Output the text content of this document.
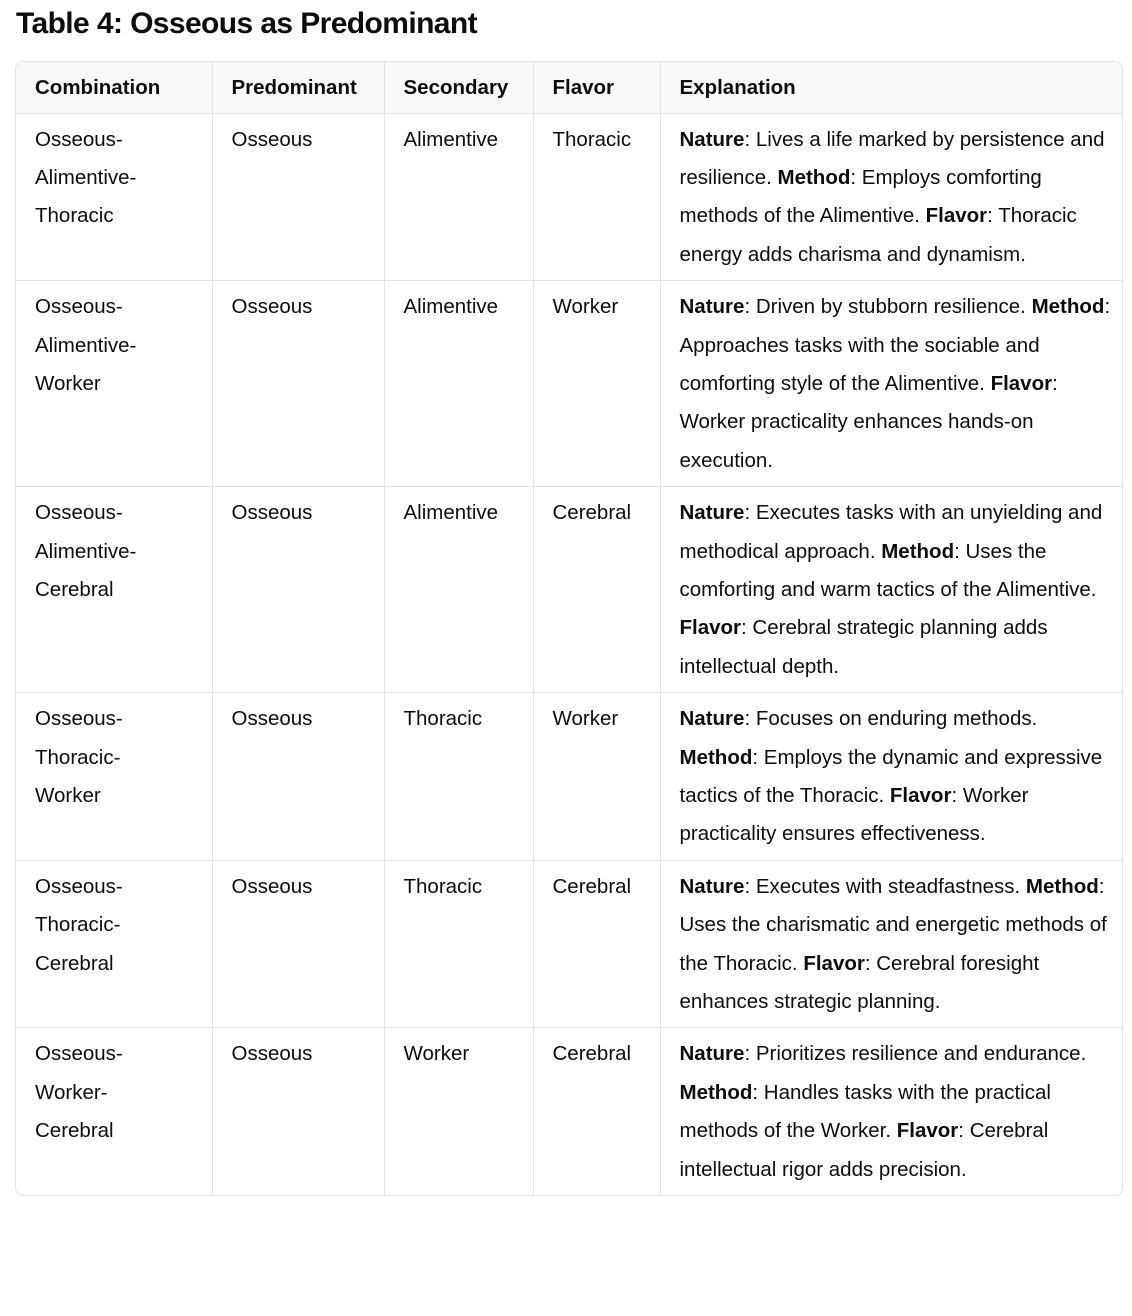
Table 4: Osseous as Predominant
Combination	Predominant	Secondary	Flavor	Explanation
Osseous-
Alimentive-
Thoracic	Osseous	Alimentive	Thoracic	Nature: Lives a life marked by persistence and resilience. Method: Employs comforting methods of the Alimentive. Flavor: Thoracic energy adds charisma and dynamism.
Osseous-
Alimentive-
Worker	Osseous	Alimentive	Worker	Nature: Driven by stubborn resilience. Method: Approaches tasks with the sociable and comforting style of the Alimentive. Flavor: Worker practicality enhances hands-on execution.
Osseous-
Alimentive-
Cerebral	Osseous	Alimentive	Cerebral	Nature: Executes tasks with an unyielding and methodical approach. Method: Uses the comforting and warm tactics of the Alimentive. Flavor: Cerebral strategic planning adds intellectual depth.
Osseous-
Thoracic-
Worker	Osseous	Thoracic	Worker	Nature: Focuses on enduring methods. Method: Employs the dynamic and expressive tactics of the Thoracic. Flavor: Worker practicality ensures effectiveness.
Osseous-
Thoracic-
Cerebral	Osseous	Thoracic	Cerebral	Nature: Executes with steadfastness. Method: Uses the charismatic and energetic methods of the Thoracic. Flavor: Cerebral foresight enhances strategic planning.
Osseous-
Worker-
Cerebral	Osseous	Worker	Cerebral	Nature: Prioritizes resilience and endurance. Method: Handles tasks with the practical methods of the Worker. Flavor: Cerebral intellectual rigor adds precision.
